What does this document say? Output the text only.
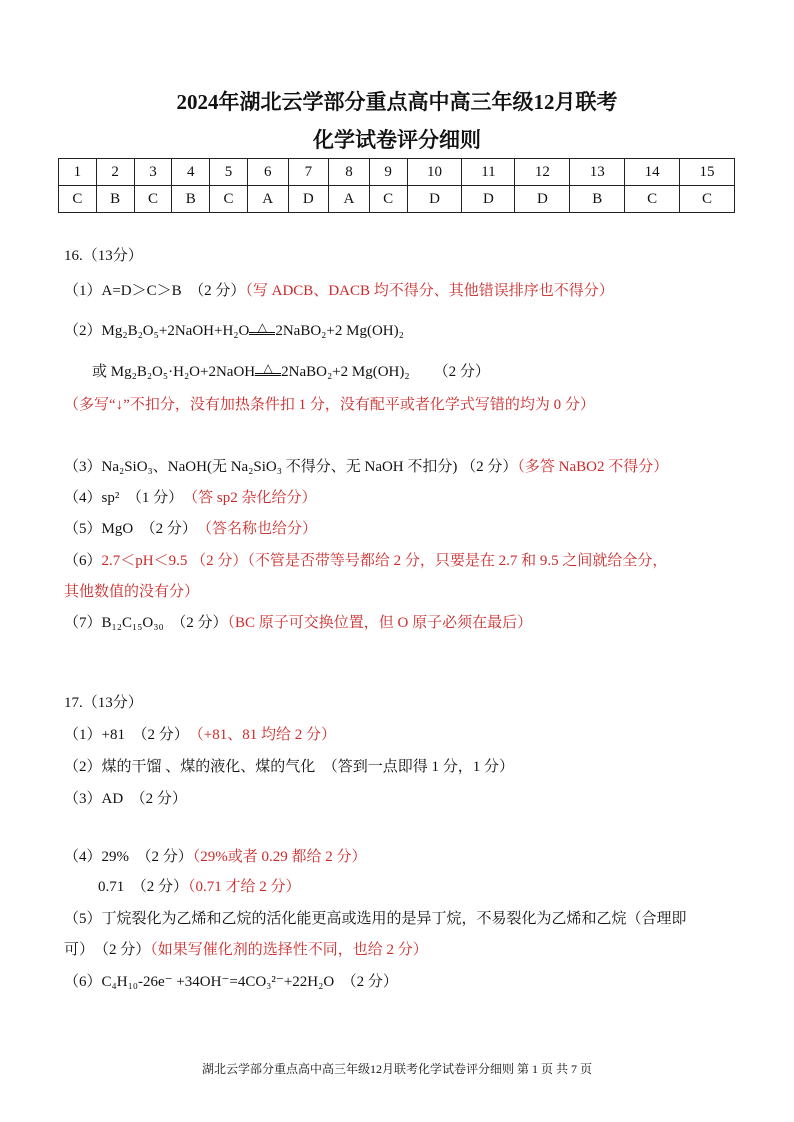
2024年湖北云学部分重点高中高三年级12月联考
化学试卷评分细则
1	2	3	4	5	6	7	8	9	10	11	12	13	14	15
C	B	C	B	C	A	D	A	C	D	D	D	B	C	C
16.（13分）
（1）A=D＞C＞B　（2 分）（写 ADCB、DACB 均不得分、其他错误排序也不得分）
（2）Mg₂B₂O₅+2NaOH+H₂O △ 2NaBO₂+2 Mg(OH)₂
或 Mg₂B₂O₅·H₂O+2NaOH △ 2NaBO₂+2 Mg(OH)₂ （2 分）
（多写“↓”不扣分，没有加热条件扣 1 分，没有配平或者化学式写错的均为 0 分）
（3）Na₂SiO₃、NaOH(无 Na₂SiO₃ 不得分、无 NaOH 不扣分) （2 分）（多答 NaBO2 不得分）
（4）sp²　（1 分）　 （答 sp2 杂化给分）
（5）MgO　（2 分）　 （答名称也给分）
（6）2.7＜pH＜9.5 （2 分）（不管是否带等号都给 2 分，只要是在 2.7 和 9.5 之间就给全分，
其他数值的没有分）
（7）B₁₂C₁₅O₃₀　（2 分）（BC 原子可交换位置，但 O 原子必须在最后）
17.（13分）
（1）+81　（2 分）　 （+81、81 均给 2 分）
（2）煤的干馏 、煤的液化、煤的气化　（答到一点即得 1 分，1 分）
（3）AD　（2 分）
（4）29%　（2 分）（29%或者 0.29 都给 2 分）
0.71　（2 分）（0.71 才给 2 分）
（5）丁烷裂化为乙烯和乙烷的活化能更高或选用的是异丁烷，不易裂化为乙烯和乙烷（合理即
可）　（2 分）（如果写催化剂的选择性不同，也给 2 分）
（6）C₄H₁₀-26e⁻ +34OH⁻=4CO₃²⁻+22H₂O　（2 分）
湖北云学部分重点高中高三年级12月联考化学试卷评分细则 第 1 页 共 7 页
